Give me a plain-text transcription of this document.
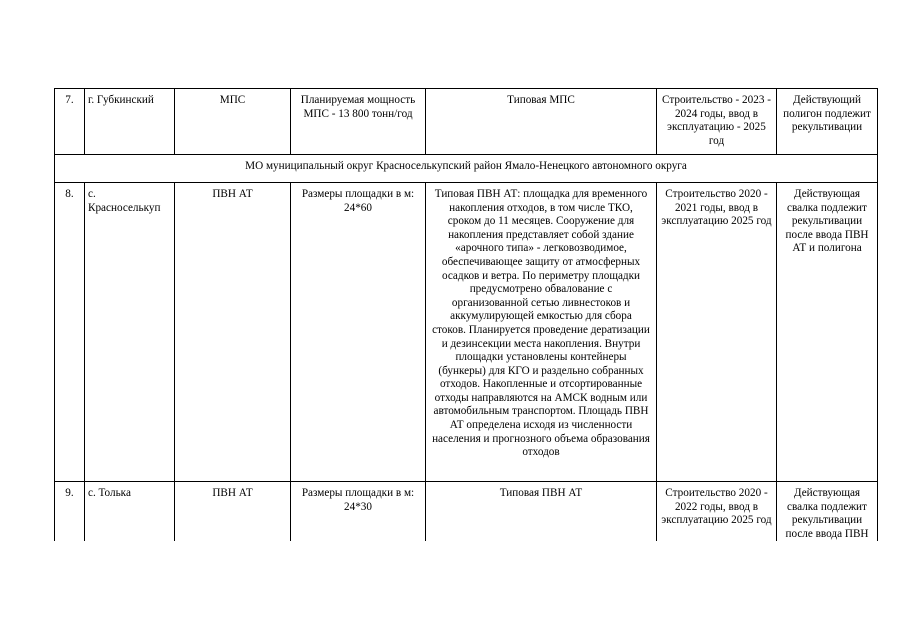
7.	г. Губкинский	МПС	Планируемая мощность МПС - 13 800 тонн/год	Типовая МПС	Строительство - 2023 - 2024 годы, ввод в эксплуатацию - 2025 год	Действующий полигон подлежит рекультивации
МО муниципальный округ Красноселькупский район Ямало-Ненецкого автономного округа						
8.	с. Красноселькуп	ПВН АТ	Размеры площадки в м: 24*60	Типовая ПВН АТ: площадка для временного накопления отходов, в том числе ТКО, сроком до 11 месяцев. Сооружение для накопления представляет собой здание «арочного типа» - легковозводимое, обеспечивающее защиту от атмосферных осадков и ветра. По периметру площадки предусмотрено обвалование с организованной сетью ливнестоков и аккумулирующей емкостью для сбора стоков. Планируется проведение дератизации и дезинсекции места накопления. Внутри площадки установлены контейнеры (бункеры) для КГО и раздельно собранных отходов. Накопленные и отсортированные отходы направляются на АМСК водным или автомобильным транспортом. Площадь ПВН АТ определена исходя из численности населения и прогнозного объема образования отходов	Строительство 2020 - 2021 годы, ввод в эксплуатацию 2025 год	Действующая свалка подлежит рекультивации после ввода ПВН АТ и полигона
9.	с. Толька	ПВН АТ	Размеры площадки в м: 24*30	Типовая ПВН АТ	Строительство 2020 - 2022 годы, ввод в эксплуатацию 2025 год	Действующая свалка подлежит рекультивации после ввода ПВН
